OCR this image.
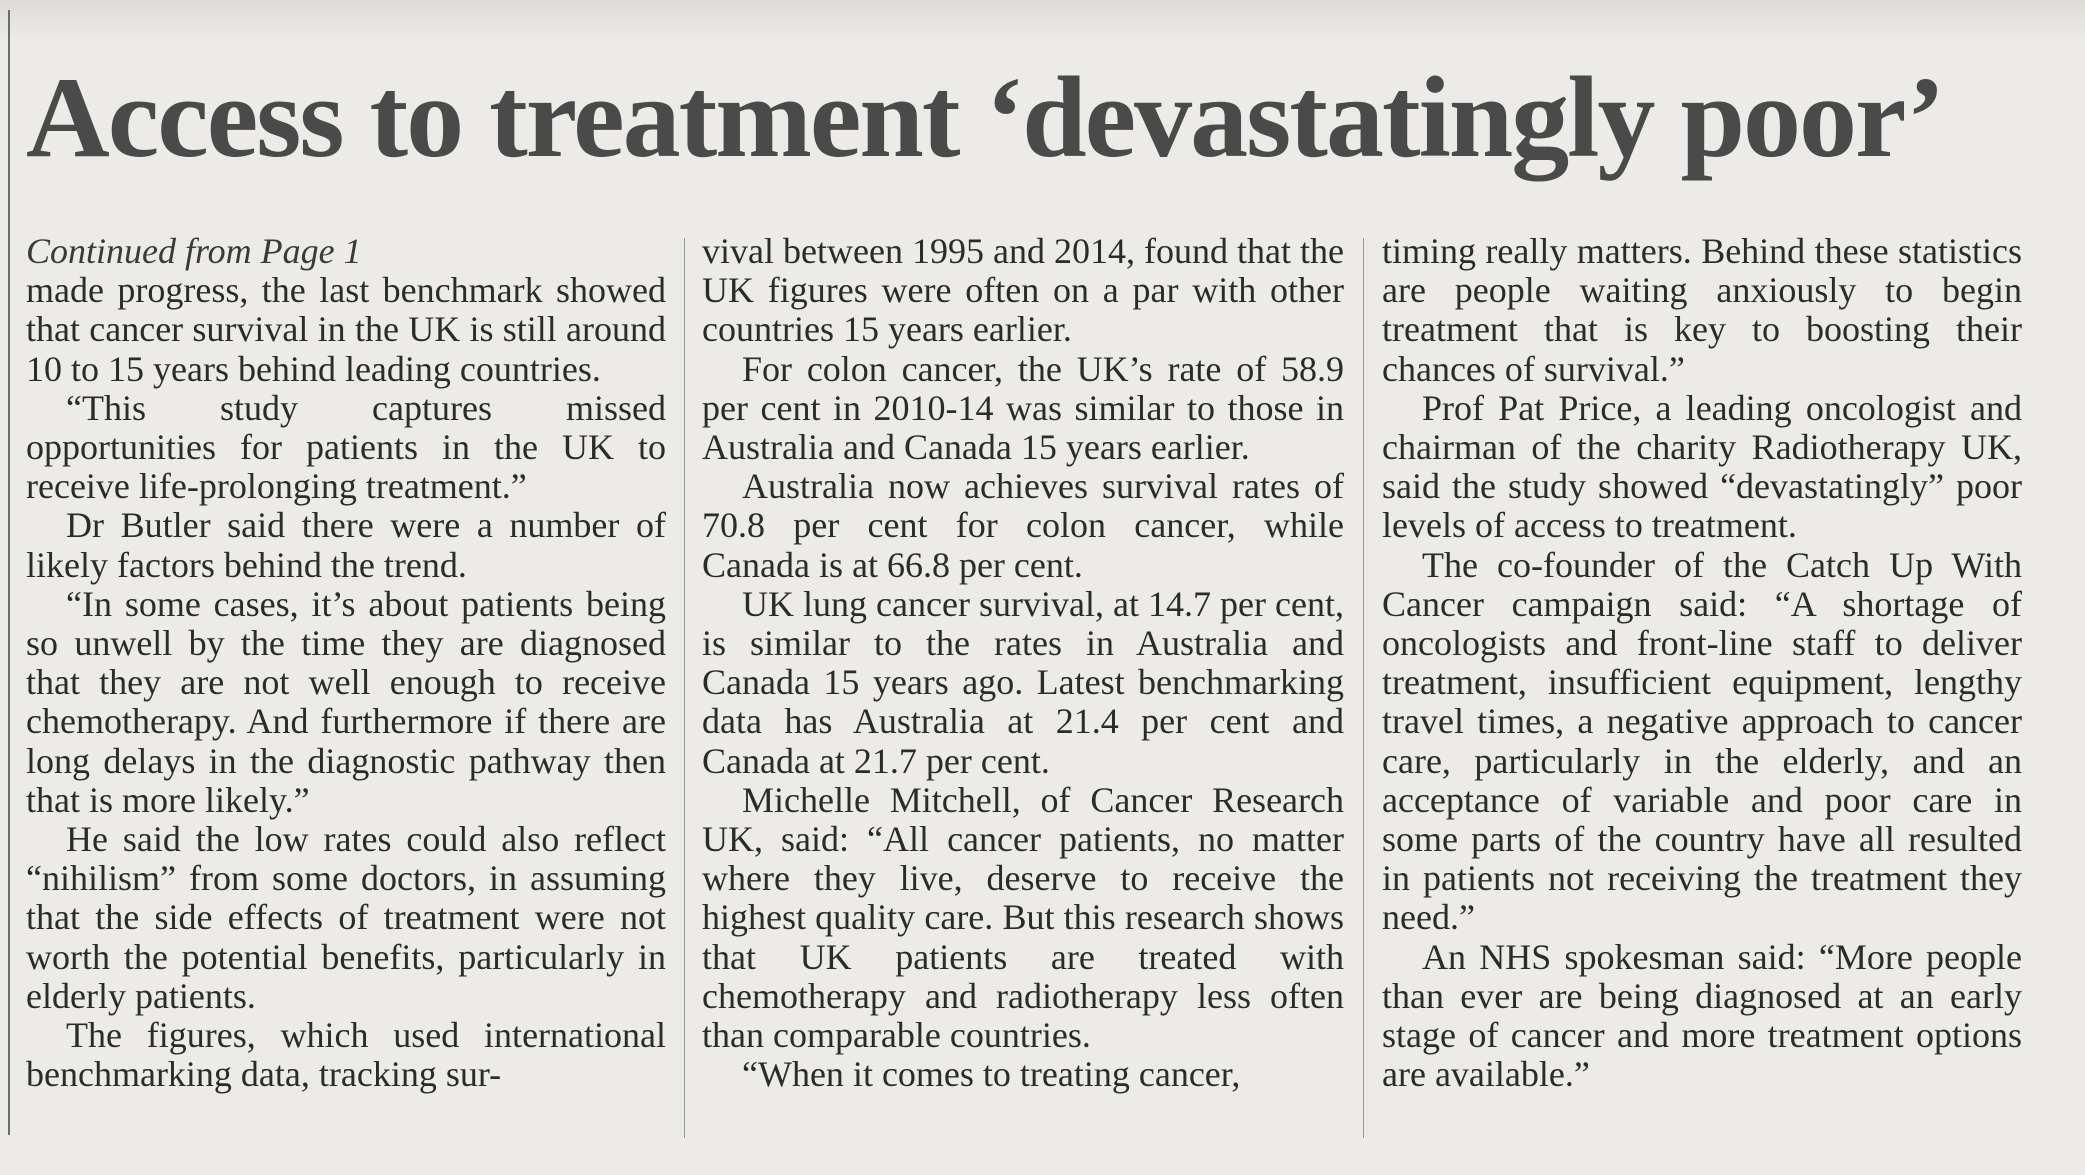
Access to treatment ‘devastatingly poor’

Continued from Page 1

made progress, the last benchmark showed that cancer survival in the UK is still around 10 to 15 years behind leading countries.

“This study captures missed opportunities for patients in the UK to receive life-prolonging treatment.”

Dr Butler said there were a number of likely factors behind the trend.

“In some cases, it’s about patients being so unwell by the time they are diagnosed that they are not well enough to receive chemotherapy. And furthermore if there are long delays in the diagnostic pathway then that is more likely.”

He said the low rates could also reflect “nihilism” from some doctors, in assuming that the side effects of treatment were not worth the potential benefits, particularly in elderly patients.

The figures, which used international benchmarking data, tracking sur-

vival between 1995 and 2014, found that the UK figures were often on a par with other countries 15 years earlier.

For colon cancer, the UK’s rate of 58.9 per cent in 2010-14 was similar to those in Australia and Canada 15 years earlier.

Australia now achieves survival rates of 70.8 per cent for colon cancer, while Canada is at 66.8 per cent.

UK lung cancer survival, at 14.7 per cent, is similar to the rates in Australia and Canada 15 years ago. Latest benchmarking data has Australia at 21.4 per cent and Canada at 21.7 per cent.

Michelle Mitchell, of Cancer Research UK, said: “All cancer patients, no matter where they live, deserve to receive the highest quality care. But this research shows that UK patients are treated with chemotherapy and radiotherapy less often than comparable countries.

“When it comes to treating cancer,

timing really matters. Behind these statistics are people waiting anxiously to begin treatment that is key to boosting their chances of survival.”

Prof Pat Price, a leading oncologist and chairman of the charity Radiotherapy UK, said the study showed “devastatingly” poor levels of access to treatment.

The co-founder of the Catch Up With Cancer campaign said: “A shortage of oncologists and front-line staff to deliver treatment, insufficient equipment, lengthy travel times, a negative approach to cancer care, particularly in the elderly, and an acceptance of variable and poor care in some parts of the country have all resulted in patients not receiving the treatment they need.”

An NHS spokesman said: “More people than ever are being diagnosed at an early stage of cancer and more treatment options are available.”
